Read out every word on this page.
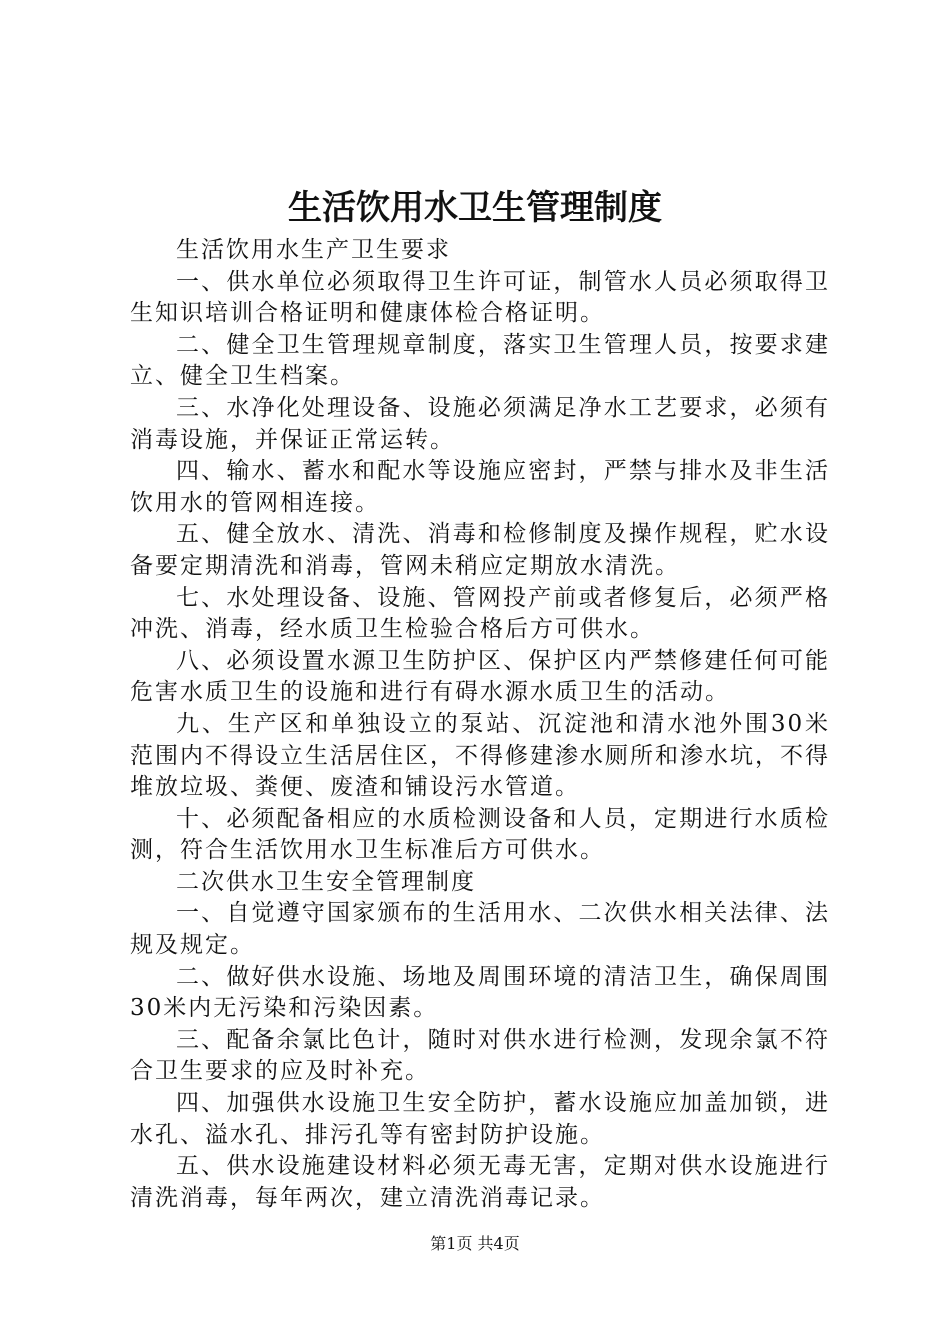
生活饮用水卫生管理制度

生活饮用水生产卫生要求

一、供水单位必须取得卫生许可证，制管水人员必须取得卫生知识培训合格证明和健康体检合格证明。

二、健全卫生管理规章制度，落实卫生管理人员，按要求建立、健全卫生档案。

三、水净化处理设备、设施必须满足净水工艺要求，必须有消毒设施，并保证正常运转。

四、输水、蓄水和配水等设施应密封，严禁与排水及非生活饮用水的管网相连接。

五、健全放水、清洗、消毒和检修制度及操作规程，贮水设备要定期清洗和消毒，管网未稍应定期放水清洗。

七、水处理设备、设施、管网投产前或者修复后，必须严格冲洗、消毒，经水质卫生检验合格后方可供水。

八、必须设置水源卫生防护区、保护区内严禁修建任何可能危害水质卫生的设施和进行有碍水源水质卫生的活动。

九、生产区和单独设立的泵站、沉淀池和清水池外围30米范围内不得设立生活居住区，不得修建渗水厕所和渗水坑，不得堆放垃圾、粪便、废渣和铺设污水管道。

十、必须配备相应的水质检测设备和人员，定期进行水质检测，符合生活饮用水卫生标准后方可供水。

二次供水卫生安全管理制度

一、自觉遵守国家颁布的生活用水、二次供水相关法律、法规及规定。

二、做好供水设施、场地及周围环境的清洁卫生，确保周围30米内无污染和污染因素。

三、配备余氯比色计，随时对供水进行检测，发现余氯不符合卫生要求的应及时补充。

四、加强供水设施卫生安全防护，蓄水设施应加盖加锁，进水孔、溢水孔、排污孔等有密封防护设施。

五、供水设施建设材料必须无毒无害，定期对供水设施进行清洗消毒，每年两次，建立清洗消毒记录。

第1页 共4页
